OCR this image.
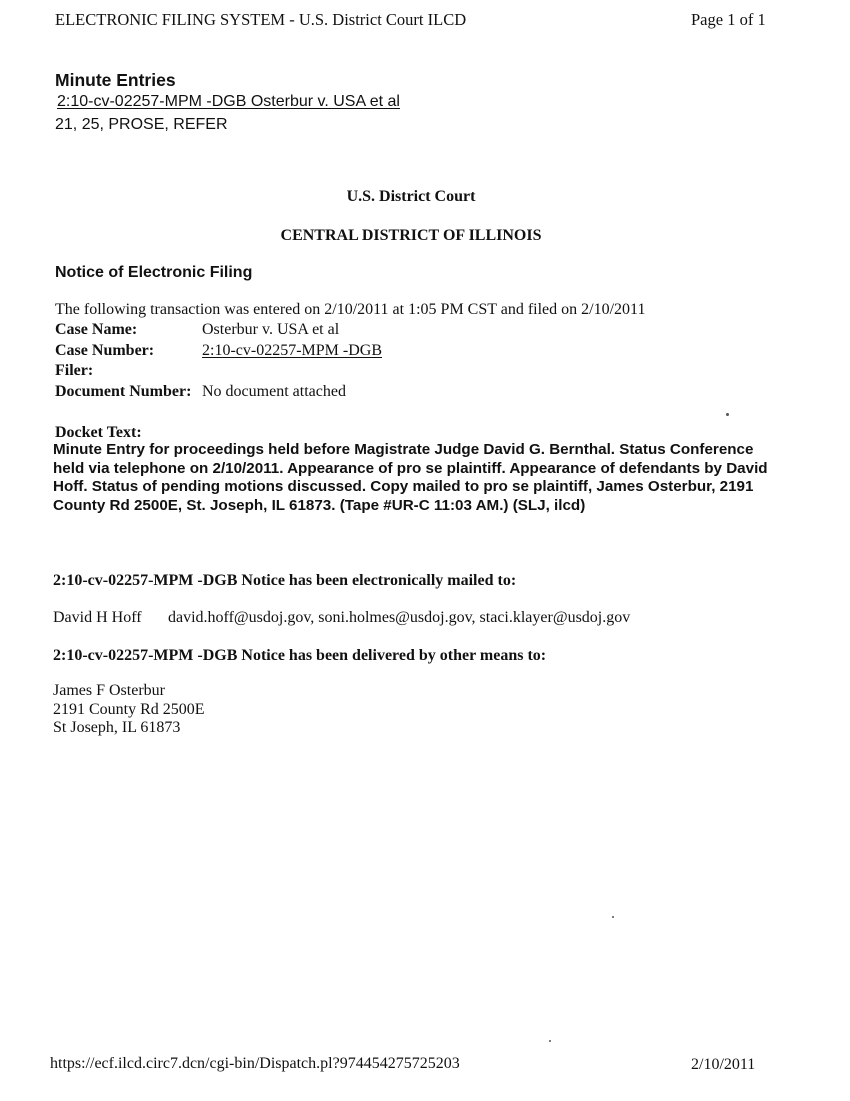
ELECTRONIC FILING SYSTEM - U.S. District Court ILCD	Page 1 of 1
Minute Entries
2:10-cv-02257-MPM -DGB Osterbur v. USA et al
21, 25, PROSE, REFER
U.S. District Court
CENTRAL DISTRICT OF ILLINOIS
Notice of Electronic Filing
The following transaction was entered on 2/10/2011 at 1:05 PM CST and filed on 2/10/2011
Case Name:	Osterbur v. USA et al
Case Number:	2:10-cv-02257-MPM -DGB
Filer:
Document Number: No document attached
Docket Text:
Minute Entry for proceedings held before Magistrate Judge David G. Bernthal. Status Conference held via telephone on 2/10/2011. Appearance of pro se plaintiff. Appearance of defendants by David Hoff. Status of pending motions discussed. Copy mailed to pro se plaintiff, James Osterbur, 2191 County Rd 2500E, St. Joseph, IL 61873. (Tape #UR-C 11:03 AM.) (SLJ, ilcd)
2:10-cv-02257-MPM -DGB Notice has been electronically mailed to:
David H Hoff david.hoff@usdoj.gov, soni.holmes@usdoj.gov, staci.klayer@usdoj.gov
2:10-cv-02257-MPM -DGB Notice has been delivered by other means to:
James F Osterbur
2191 County Rd 2500E
St Joseph, IL 61873
https://ecf.ilcd.circ7.dcn/cgi-bin/Dispatch.pl?974454275725203	2/10/2011
